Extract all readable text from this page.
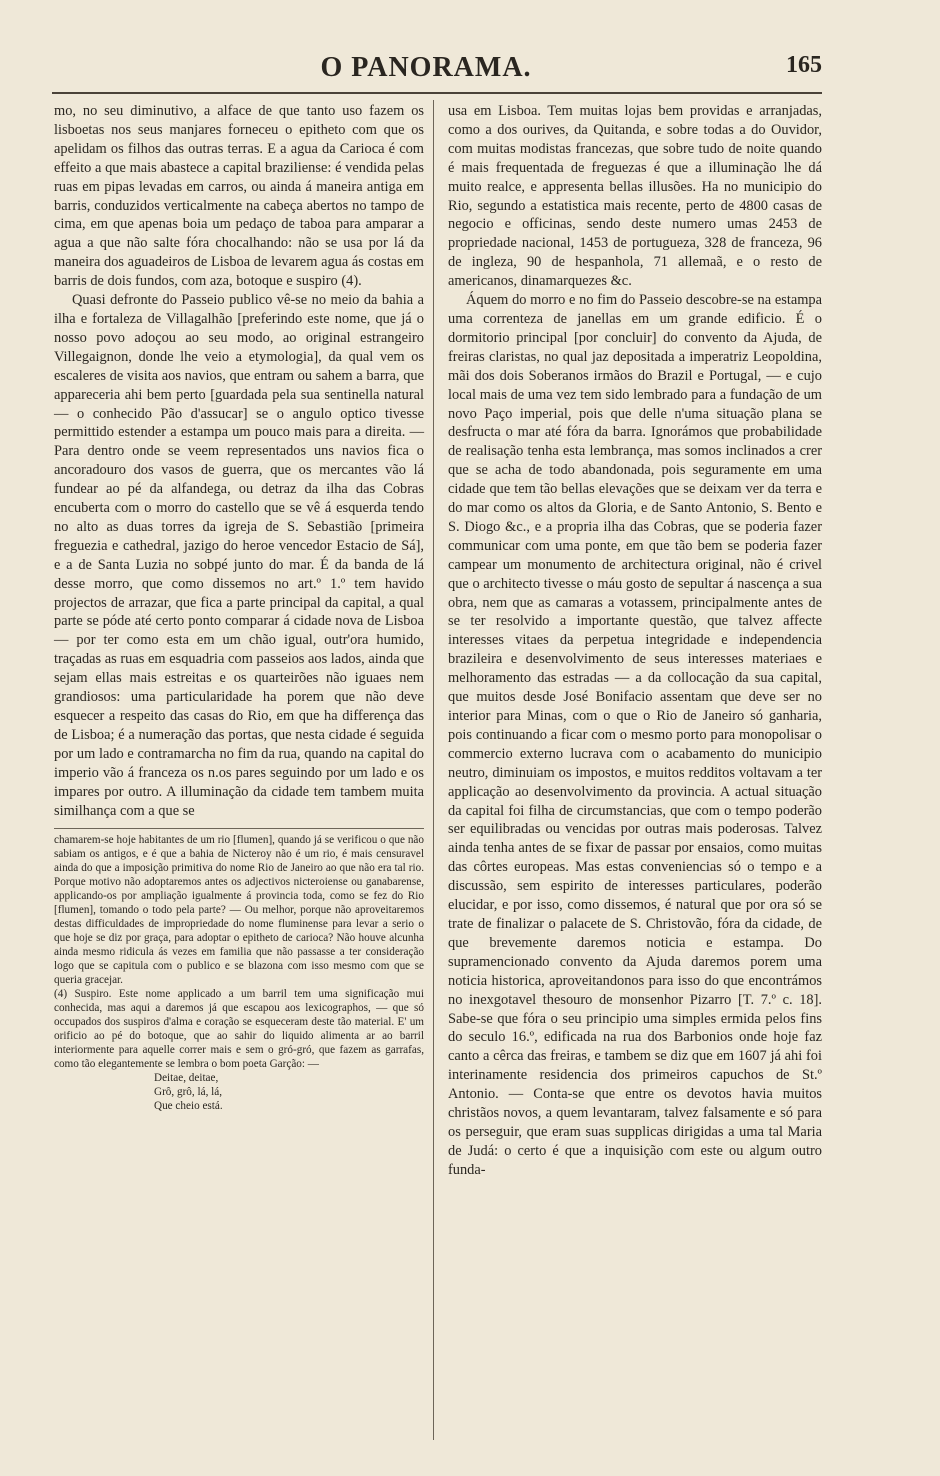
O PANORAMA.	165

mo, no seu diminutivo, a alface de que tanto uso fazem os lisboetas nos seus manjares forneceu o epitheto com que os apelidam os filhos das outras terras. E a agua da Carioca é com effeito a que mais abastece a capital braziliense: é vendida pelas ruas em pipas levadas em carros, ou ainda á maneira antiga em barris, conduzidos verticalmente na cabeça abertos no tampo de cima, em que apenas boia um pedaço de taboa para amparar a agua a que não salte fóra chocalhando: não se usa por lá da maneira dos aguadeiros de Lisboa de levarem agua ás costas em barris de dois fundos, com aza, botoque e suspiro (4).

Quasi defronte do Passeio publico vê-se no meio da bahia a ilha e fortaleza de Villagalhão [preferindo este nome, que já o nosso povo adoçou ao seu modo, ao original estrangeiro Villegaignon, donde lhe veio a etymologia], da qual vem os escaleres de visita aos navios, que entram ou sahem a barra, que appareceria ahi bem perto [guardada pela sua sentinella natural — o conhecido Pão d'assucar] se o angulo optico tivesse permittido estender a estampa um pouco mais para a direita. — Para dentro onde se veem representados uns navios fica o ancoradouro dos vasos de guerra, que os mercantes vão lá fundear ao pé da alfandega, ou detraz da ilha das Cobras encuberta com o morro do castello que se vê á esquerda tendo no alto as duas torres da igreja de S. Sebastião [primeira freguezia e cathedral, jazigo do heroe vencedor Estacio de Sá], e a de Santa Luzia no sobpé junto do mar. É da banda de lá desse morro, que como dissemos no art.º 1.º tem havido projectos de arrazar, que fica a parte principal da capital, a qual parte se póde até certo ponto comparar á cidade nova de Lisboa — por ter como esta em um chão igual, outr'ora humido, traçadas as ruas em esquadria com passeios aos lados, ainda que sejam ellas mais estreitas e os quarteirões não iguaes nem grandiosos: uma particularidade ha porem que não deve esquecer a respeito das casas do Rio, em que ha differença das de Lisboa; é a numeração das portas, que nesta cidade é seguida por um lado e contramarcha no fim da rua, quando na capital do imperio vão á franceza os n.os pares seguindo por um lado e os impares por outro. A illuminação da cidade tem tambem muita similhança com a que se

chamarem-se hoje habitantes de um rio [flumen], quando já se verificou o que não sabiam os antigos, e é que a bahia de Nicteroy não é um rio, é mais censuravel ainda do que a imposição primitiva do nome Rio de Janeiro ao que não era tal rio. Porque motivo não adoptaremos antes os adjectivos nicteroiense ou ganabarense, applicando-os por ampliação igualmente á provincia toda, como se fez do Rio [flumen], tomando o todo pela parte? — Ou melhor, porque não aproveitaremos destas difficuldades de impropriedade do nome fluminense para levar a serio o que hoje se diz por graça, para adoptar o epitheto de carioca? Não houve alcunha ainda mesmo ridicula ás vezes em familia que não passasse a ter consideração logo que se capitula com o publico e se blazona com isso mesmo com que se queria gracejar.

(4) Suspiro. Este nome applicado a um barril tem uma significação mui conhecida, mas aqui a daremos já que escapou aos lexicographos, — que só occupados dos suspiros d'alma e coração se esqueceram deste tão material. E' um orificio ao pé do botoque, que ao sahir do liquido alimenta ar ao barril interiormente para aquelle correr mais e sem o gró-gró, que fazem as garrafas, como tão elegantemente se lembra o bom poeta Garção: —

Deitae, deitae,
Grô, grô, lá, lá,
Que cheio está.

usa em Lisboa. Tem muitas lojas bem providas e arranjadas, como a dos ourives, da Quitanda, e sobre todas a do Ouvidor, com muitas modistas francezas, que sobre tudo de noite quando é mais frequentada de freguezas é que a illuminação lhe dá muito realce, e appresenta bellas illusões. Ha no municipio do Rio, segundo a estatistica mais recente, perto de 4800 casas de negocio e officinas, sendo deste numero umas 2453 de propriedade nacional, 1453 de portugueza, 328 de franceza, 96 de ingleza, 90 de hespanhola, 71 allemaã, e o resto de americanos, dinamarquezes &c.

Áquem do morro e no fim do Passeio descobre-se na estampa uma correnteza de janellas em um grande edificio. É o dormitorio principal [por concluir] do convento da Ajuda, de freiras claristas, no qual jaz depositada a imperatriz Leopoldina, mãi dos dois Soberanos irmãos do Brazil e Portugal, — e cujo local mais de uma vez tem sido lembrado para a fundação de um novo Paço imperial, pois que delle n'uma situação plana se desfructa o mar até fóra da barra. Ignorámos que probabilidade de realisação tenha esta lembrança, mas somos inclinados a crer que se acha de todo abandonada, pois seguramente em uma cidade que tem tão bellas elevações que se deixam ver da terra e do mar como os altos da Gloria, e de Santo Antonio, S. Bento e S. Diogo &c., e a propria ilha das Cobras, que se poderia fazer communicar com uma ponte, em que tão bem se poderia fazer campear um monumento de architectura original, não é crivel que o architecto tivesse o máu gosto de sepultar á nascença a sua obra, nem que as camaras a votassem, principalmente antes de se ter resolvido a importante questão, que talvez affecte interesses vitaes da perpetua integridade e independencia brazileira e desenvolvimento de seus interesses materiaes e melhoramento das estradas — a da collocação da sua capital, que muitos desde José Bonifacio assentam que deve ser no interior para Minas, com o que o Rio de Janeiro só ganharia, pois continuando a ficar com o mesmo porto para monopolisar o commercio externo lucrava com o acabamento do municipio neutro, diminuiam os impostos, e muitos redditos voltavam a ter applicação ao desenvolvimento da provincia. A actual situação da capital foi filha de circumstancias, que com o tempo poderão ser equilibradas ou vencidas por outras mais poderosas. Talvez ainda tenha antes de se fixar de passar por ensaios, como muitas das côrtes europeas. Mas estas conveniencias só o tempo e a discussão, sem espirito de interesses particulares, poderão elucidar, e por isso, como dissemos, é natural que por ora só se trate de finalizar o palacete de S. Christovão, fóra da cidade, de que brevemente daremos noticia e estampa. Do supramencionado convento da Ajuda daremos porem uma noticia historica, aproveitandonos para isso do que encontrámos no inexgotavel thesouro de monsenhor Pizarro [T. 7.º c. 18]. Sabe-se que fóra o seu principio uma simples ermida pelos fins do seculo 16.º, edificada na rua dos Barbonios onde hoje faz canto a cêrca das freiras, e tambem se diz que em 1607 já ahi foi interinamente residencia dos primeiros capuchos de St.º Antonio. — Conta-se que entre os devotos havia muitos christãos novos, a quem levantaram, talvez falsamente e só para os perseguir, que eram suas supplicas dirigidas a uma tal Maria de Judá: o certo é que a inquisição com este ou algum outro funda-
